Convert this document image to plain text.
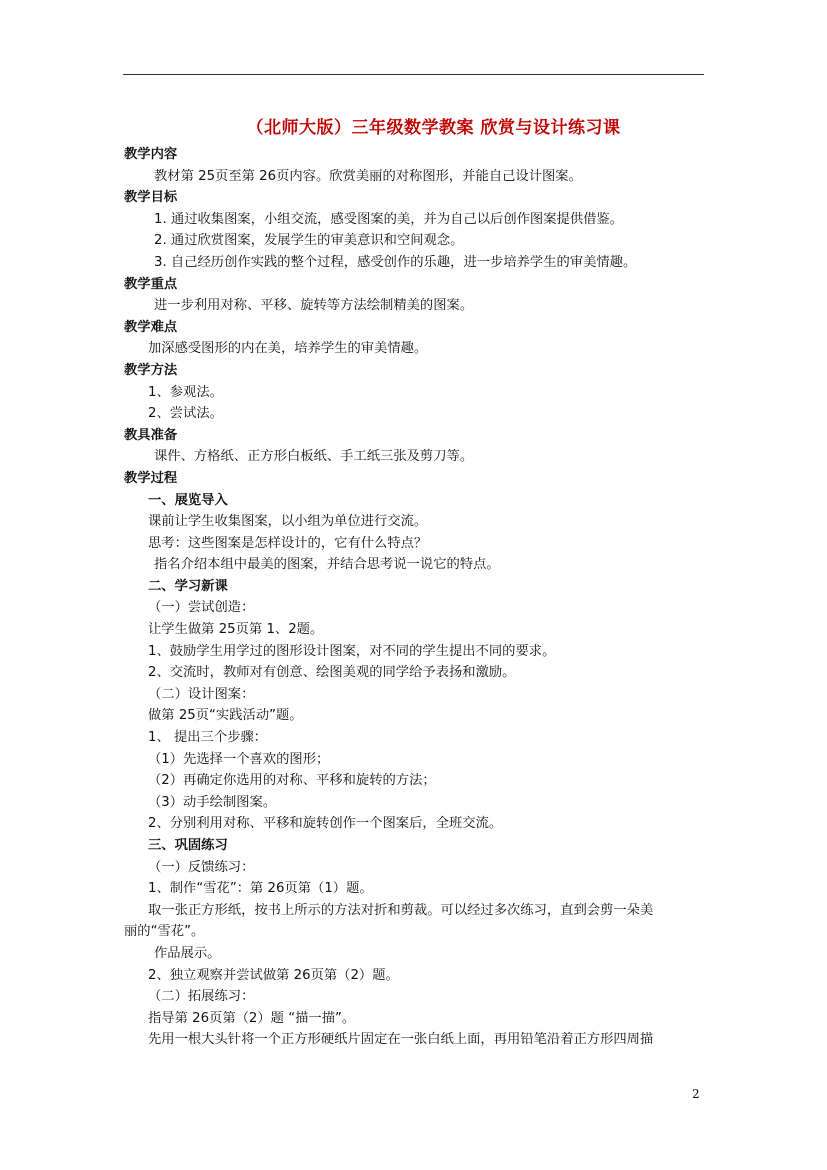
（北师大版）三年级数学教案 欣赏与设计练习课
教学内容
教材第 25页至第 26页内容。欣赏美丽的对称图形，并能自己设计图案。
教学目标
1. 通过收集图案，小组交流，感受图案的美，并为自己以后创作图案提供借鉴。
2. 通过欣赏图案，发展学生的审美意识和空间观念。
3. 自己经历创作实践的整个过程，感受创作的乐趣，进一步培养学生的审美情趣。
教学重点
进一步利用对称、平移、旋转等方法绘制精美的图案。
教学难点
加深感受图形的内在美，培养学生的审美情趣。
教学方法
1、参观法。
2、尝试法。
教具准备
课件、方格纸、正方形白板纸、手工纸三张及剪刀等。
教学过程
一、展览导入
课前让学生收集图案，以小组为单位进行交流。
思考：这些图案是怎样设计的，它有什么特点？
指名介绍本组中最美的图案，并结合思考说一说它的特点。
二、学习新课
（一）尝试创造：
让学生做第 25页第 1、2题。
1、鼓励学生用学过的图形设计图案，对不同的学生提出不同的要求。
2、交流时，教师对有创意、绘图美观的同学给予表扬和激励。
（二）设计图案：
做第 25页“实践活动”题。
1、 提出三个步骤：
（1）先选择一个喜欢的图形；
（2）再确定你选用的对称、平移和旋转的方法；
（3）动手绘制图案。
2、分别利用对称、平移和旋转创作一个图案后，全班交流。
三、巩固练习
（一）反馈练习：
1、制作“雪花”：第 26页第（1）题。
取一张正方形纸，按书上所示的方法对折和剪裁。可以经过多次练习，直到会剪一朵美
丽的“雪花”。
作品展示。
2、独立观察并尝试做第 26页第（2）题。
（二）拓展练习：
指导第 26页第（2）题 “描一描”。
先用一根大头针将一个正方形硬纸片固定在一张白纸上面，再用铅笔沿着正方形四周描
2
